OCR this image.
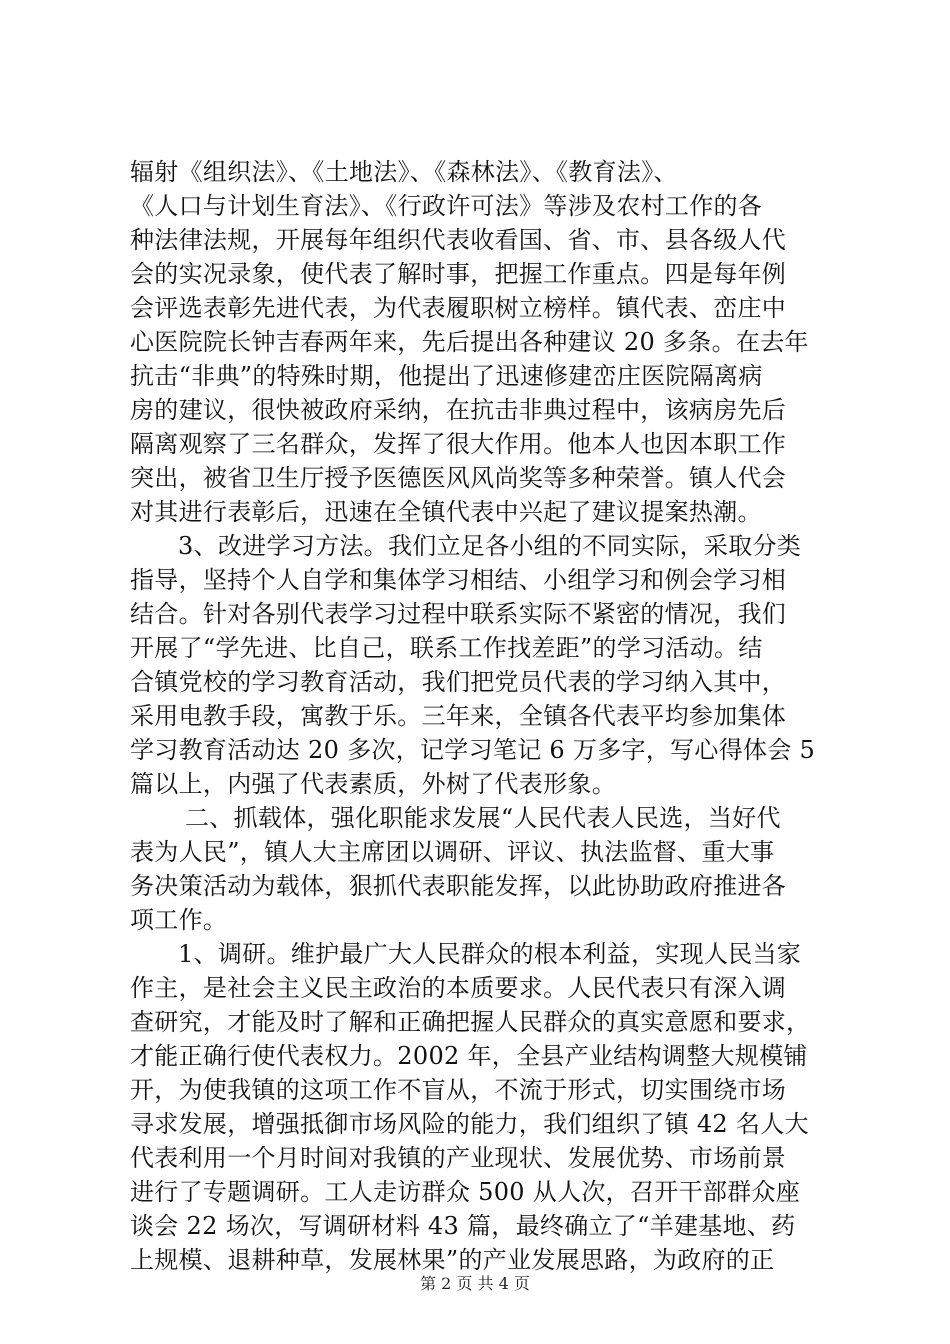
辐射《组织法》、《土地法》、《森林法》、《教育法》、
《人口与计划生育法》、《行政许可法》等涉及农村工作的各
种法律法规，开展每年组织代表收看国、省、市、县各级人代
会的实况录象，使代表了解时事，把握工作重点。四是每年例
会评选表彰先进代表，为代表履职树立榜样。镇代表、峦庄中
心医院院长钟吉春两年来，先后提出各种建议 20 多条。在去年
抗击“非典”的特殊时期，他提出了迅速修建峦庄医院隔离病
房的建议，很快被政府采纳，在抗击非典过程中，该病房先后
隔离观察了三名群众，发挥了很大作用。他本人也因本职工作
突出，被省卫生厅授予医德医风风尚奖等多种荣誉。镇人代会
对其进行表彰后，迅速在全镇代表中兴起了建议提案热潮。
3、改进学习方法。我们立足各小组的不同实际，采取分类
指导，坚持个人自学和集体学习相结、小组学习和例会学习相
结合。针对各别代表学习过程中联系实际不紧密的情况，我们
开展了“学先进、比自己，联系工作找差距”的学习活动。结
合镇党校的学习教育活动，我们把党员代表的学习纳入其中，
采用电教手段，寓教于乐。三年来，全镇各代表平均参加集体
学习教育活动达 20 多次，记学习笔记 6 万多字，写心得体会 5
篇以上，内强了代表素质，外树了代表形象。
二、抓载体，强化职能求发展“人民代表人民选，当好代
表为人民”，镇人大主席团以调研、评议、执法监督、重大事
务决策活动为载体，狠抓代表职能发挥，以此协助政府推进各
项工作。
1、调研。维护最广大人民群众的根本利益，实现人民当家
作主，是社会主义民主政治的本质要求。人民代表只有深入调
查研究，才能及时了解和正确把握人民群众的真实意愿和要求，
才能正确行使代表权力。2002 年，全县产业结构调整大规模铺
开，为使我镇的这项工作不盲从，不流于形式，切实围绕市场
寻求发展，增强抵御市场风险的能力，我们组织了镇 42 名人大
代表利用一个月时间对我镇的产业现状、发展优势、市场前景
进行了专题调研。工人走访群众 500 从人次，召开干部群众座
谈会 22 场次，写调研材料 43 篇，最终确立了“羊建基地、药
上规模、退耕种草，发展林果”的产业发展思路，为政府的正
第 2 页 共 4 页
